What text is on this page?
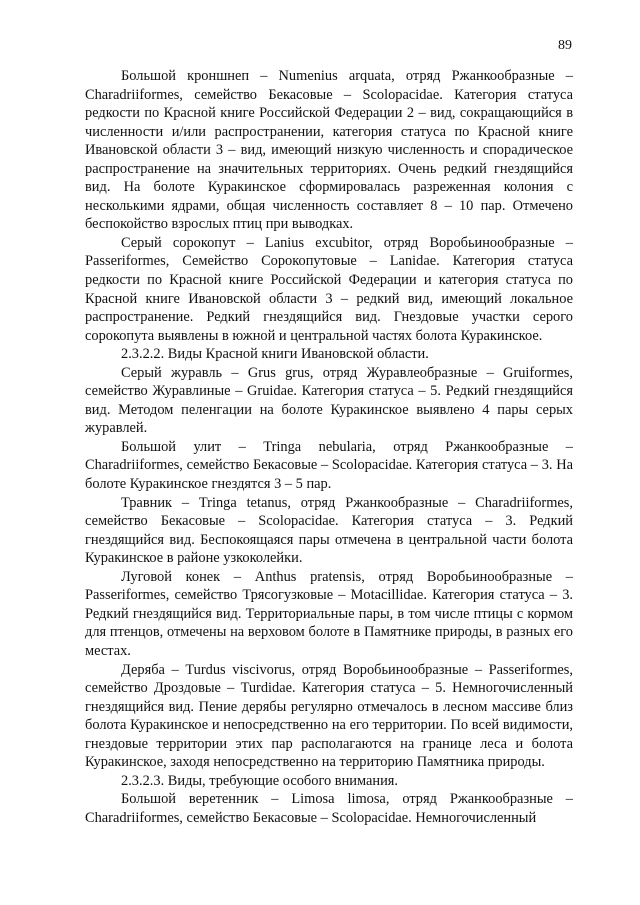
89

Большой кроншнеп – Numenius arquata, отряд Ржанкообразные – Charadriiformes, семейство Бекасовые – Scolopacidae. Категория статуса редкости по Красной книге Российской Федерации 2 – вид, сокращающийся в численности и/или распространении, категория статуса по Красной книге Ивановской области 3 – вид, имеющий низкую численность и спорадическое распространение на значительных территориях. Очень редкий гнездящийся вид. На болоте Куракинское сформировалась разреженная колония с несколькими ядрами, общая численность составляет 8 – 10 пар. Отмечено беспокойство взрослых птиц при выводках.

Серый сорокопут – Lanius excubitor, отряд Воробьинообразные – Passeriformes, Семейство Сорокопутовые – Lanidae. Категория статуса редкости по Красной книге Российской Федерации и категория статуса по Красной книге Ивановской области 3 – редкий вид, имеющий локальное распространение. Редкий гнездящийся вид. Гнездовые участки серого сорокопута выявлены в южной и центральной частях болота Куракинское.

2.3.2.2. Виды Красной книги Ивановской области.

Серый журавль – Grus grus, отряд Журавлеобразные – Gruiformes, семейство Журавлиные – Gruidae. Категория статуса – 5. Редкий гнездящийся вид. Методом пеленгации на болоте Куракинское выявлено 4 пары серых журавлей.

Большой улит – Tringa nebularia, отряд Ржанкообразные – Charadriiformes, семейство Бекасовые – Scolopacidae. Категория статуса – 3. На болоте Куракинское гнездятся 3 – 5 пар.

Травник – Tringa tetanus, отряд Ржанкообразные – Charadriiformes, семейство Бекасовые – Scolopacidae. Категория статуса – 3. Редкий гнездящийся вид. Беспокоящаяся пары отмечена в центральной части болота Куракинское в районе узкоколейки.

Луговой конек – Anthus pratensis, отряд Воробьинообразные – Passeriformes, семейство Трясогузковые – Motacillidae. Категория статуса – 3. Редкий гнездящийся вид. Территориальные пары, в том числе птицы с кормом для птенцов, отмечены на верховом болоте в Памятнике природы, в разных его местах.

Деряба – Turdus viscivorus, отряд Воробьинообразные – Passeriformes, семейство Дроздовые – Turdidae. Категория статуса – 5. Немногочисленный гнездящийся вид. Пение дерябы регулярно отмечалось в лесном массиве близ болота Куракинское и непосредственно на его территории. По всей видимости, гнездовые территории этих пар располагаются на границе леса и болота Куракинское, заходя непосредственно на территорию Памятника природы.

2.3.2.3. Виды, требующие особого внимания.

Большой веретенник – Limosa limosa, отряд Ржанкообразные – Charadriiformes, семейство Бекасовые – Scolopacidae. Немногочисленный
